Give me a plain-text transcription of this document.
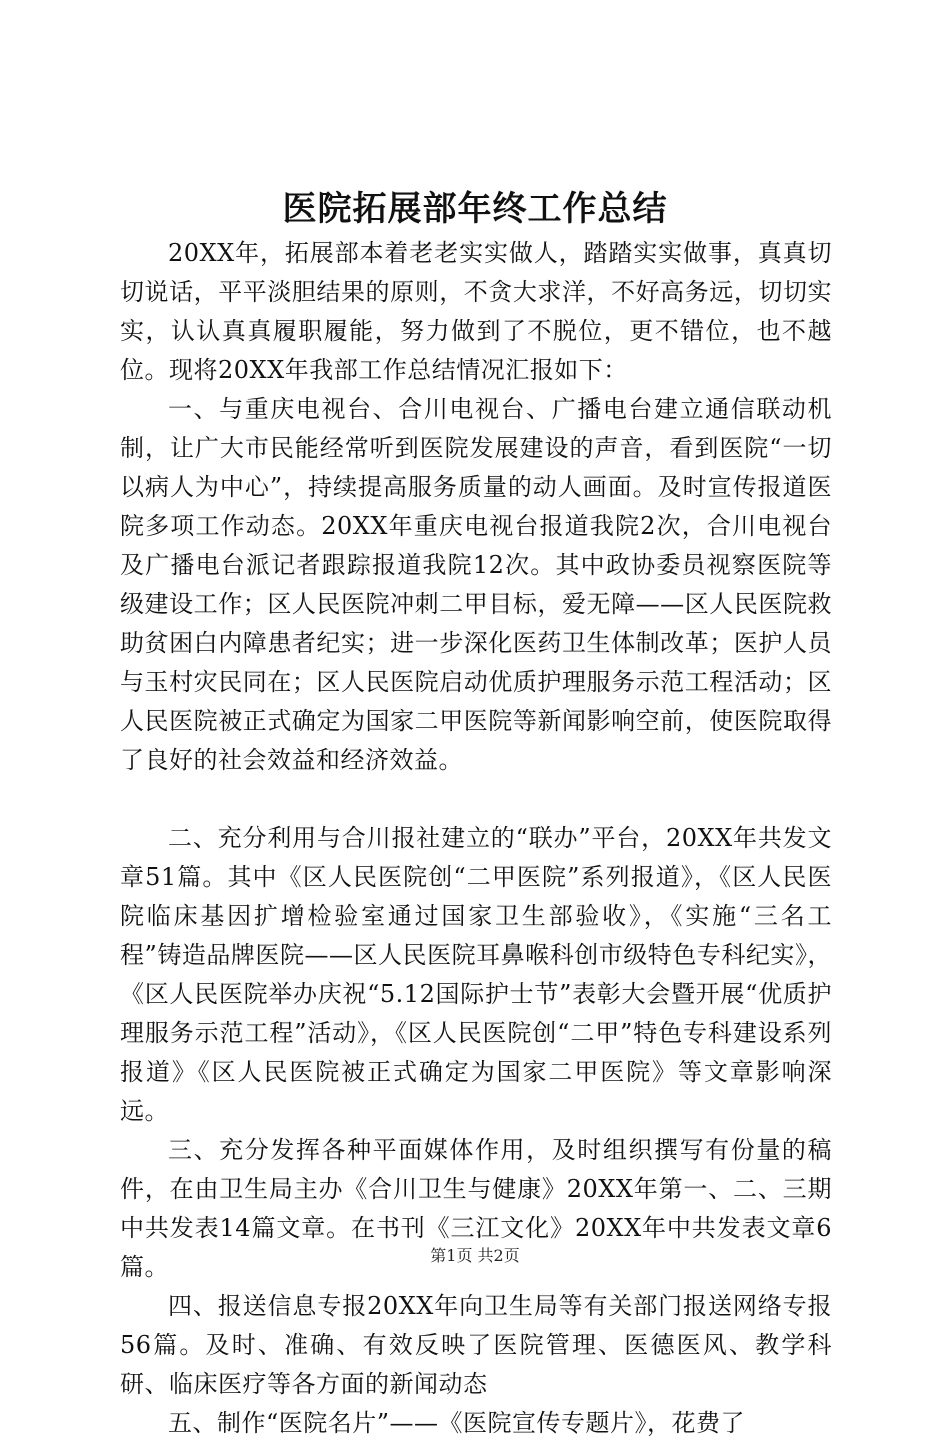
医院拓展部年终工作总结

20XX年，拓展部本着老老实实做人，踏踏实实做事，真真切切说话，平平淡胆结果的原则，不贪大求洋，不好高务远，切切实实，认认真真履职履能，努力做到了不脱位，更不错位，也不越位。现将20XX年我部工作总结情况汇报如下：

一、与重庆电视台、合川电视台、广播电台建立通信联动机制，让广大市民能经常听到医院发展建设的声音，看到医院“一切以病人为中心”，持续提高服务质量的动人画面。及时宣传报道医院多项工作动态。20XX年重庆电视台报道我院2次，合川电视台及广播电台派记者跟踪报道我院12次。其中政协委员视察医院等级建设工作；区人民医院冲刺二甲目标，爱无障——区人民医院救助贫困白内障患者纪实；进一步深化医药卫生体制改革；医护人员与玉村灾民同在；区人民医院启动优质护理服务示范工程活动；区人民医院被正式确定为国家二甲医院等新闻影响空前，使医院取得了良好的社会效益和经济效益。

二、充分利用与合川报社建立的“联办”平台，20XX年共发文章51篇。其中《区人民医院创“二甲医院”系列报道》，《区人民医院临床基因扩增检验室通过国家卫生部验收》，《实施“三名工程”铸造品牌医院——区人民医院耳鼻喉科创市级特色专科纪实》，《区人民医院举办庆祝“5.12国际护士节”表彰大会暨开展“优质护理服务示范工程”活动》，《区人民医院创“二甲”特色专科建设系列报道》《区人民医院被正式确定为国家二甲医院》等文章影响深远。

三、充分发挥各种平面媒体作用，及时组织撰写有份量的稿件，在由卫生局主办《合川卫生与健康》20XX年第一、二、三期中共发表14篇文章。在书刊《三江文化》20XX年中共发表文章6篇。

四、报送信息专报20XX年向卫生局等有关部门报送网络专报56篇。及时、准确、有效反映了医院管理、医德医风、教学科研、临床医疗等各方面的新闻动态

五、制作“医院名片”——《医院宣传专题片》，花费了

第1页 共2页
